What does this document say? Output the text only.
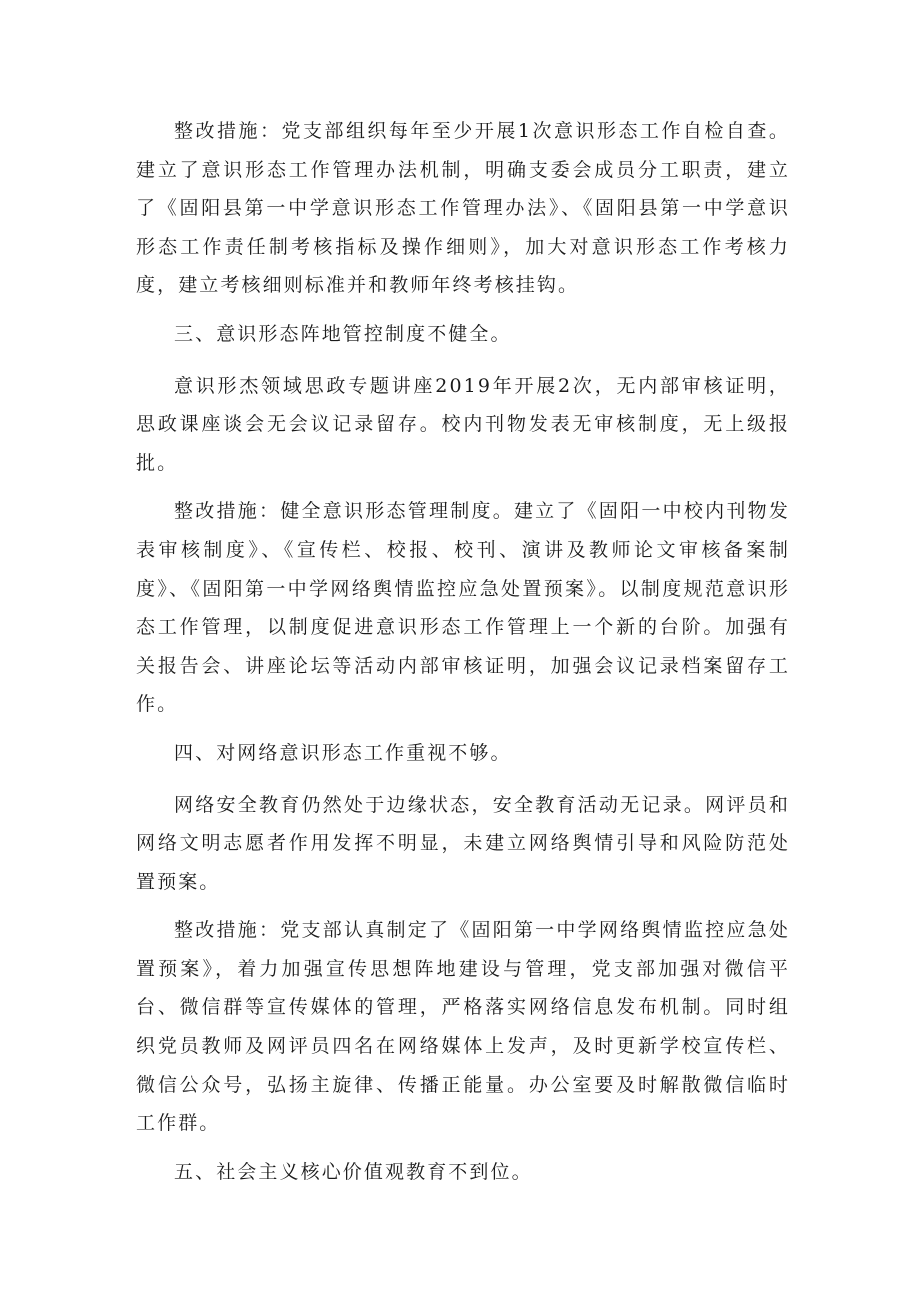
整改措施：党支部组织每年至少开展1次意识形态工作自检自查。建立了意识形态工作管理办法机制，明确支委会成员分工职责，建立了《固阳县第一中学意识形态工作管理办法》、《固阳县第一中学意识形态工作责任制考核指标及操作细则》，加大对意识形态工作考核力度，建立考核细则标准并和教师年终考核挂钩。

三、意识形态阵地管控制度不健全。

意识形杰领域思政专题讲座2019年开展2次，无内部审核证明，思政课座谈会无会议记录留存。校内刊物发表无审核制度，无上级报批。

整改措施：健全意识形态管理制度。建立了《固阳一中校内刊物发表审核制度》、《宣传栏、校报、校刊、演讲及教师论文审核备案制度》、《固阳第一中学网络舆情监控应急处置预案》。以制度规范意识形态工作管理，以制度促进意识形态工作管理上一个新的台阶。加强有关报告会、讲座论坛等活动内部审核证明，加强会议记录档案留存工作。

四、对网络意识形态工作重视不够。

网络安全教育仍然处于边缘状态，安全教育活动无记录。网评员和网络文明志愿者作用发挥不明显，未建立网络舆情引导和风险防范处置预案。

整改措施：党支部认真制定了《固阳第一中学网络舆情监控应急处置预案》，着力加强宣传思想阵地建设与管理，党支部加强对微信平台、微信群等宣传媒体的管理，严格落实网络信息发布机制。同时组织党员教师及网评员四名在网络媒体上发声，及时更新学校宣传栏、微信公众号，弘扬主旋律、传播正能量。办公室要及时解散微信临时工作群。

五、社会主义核心价值观教育不到位。
